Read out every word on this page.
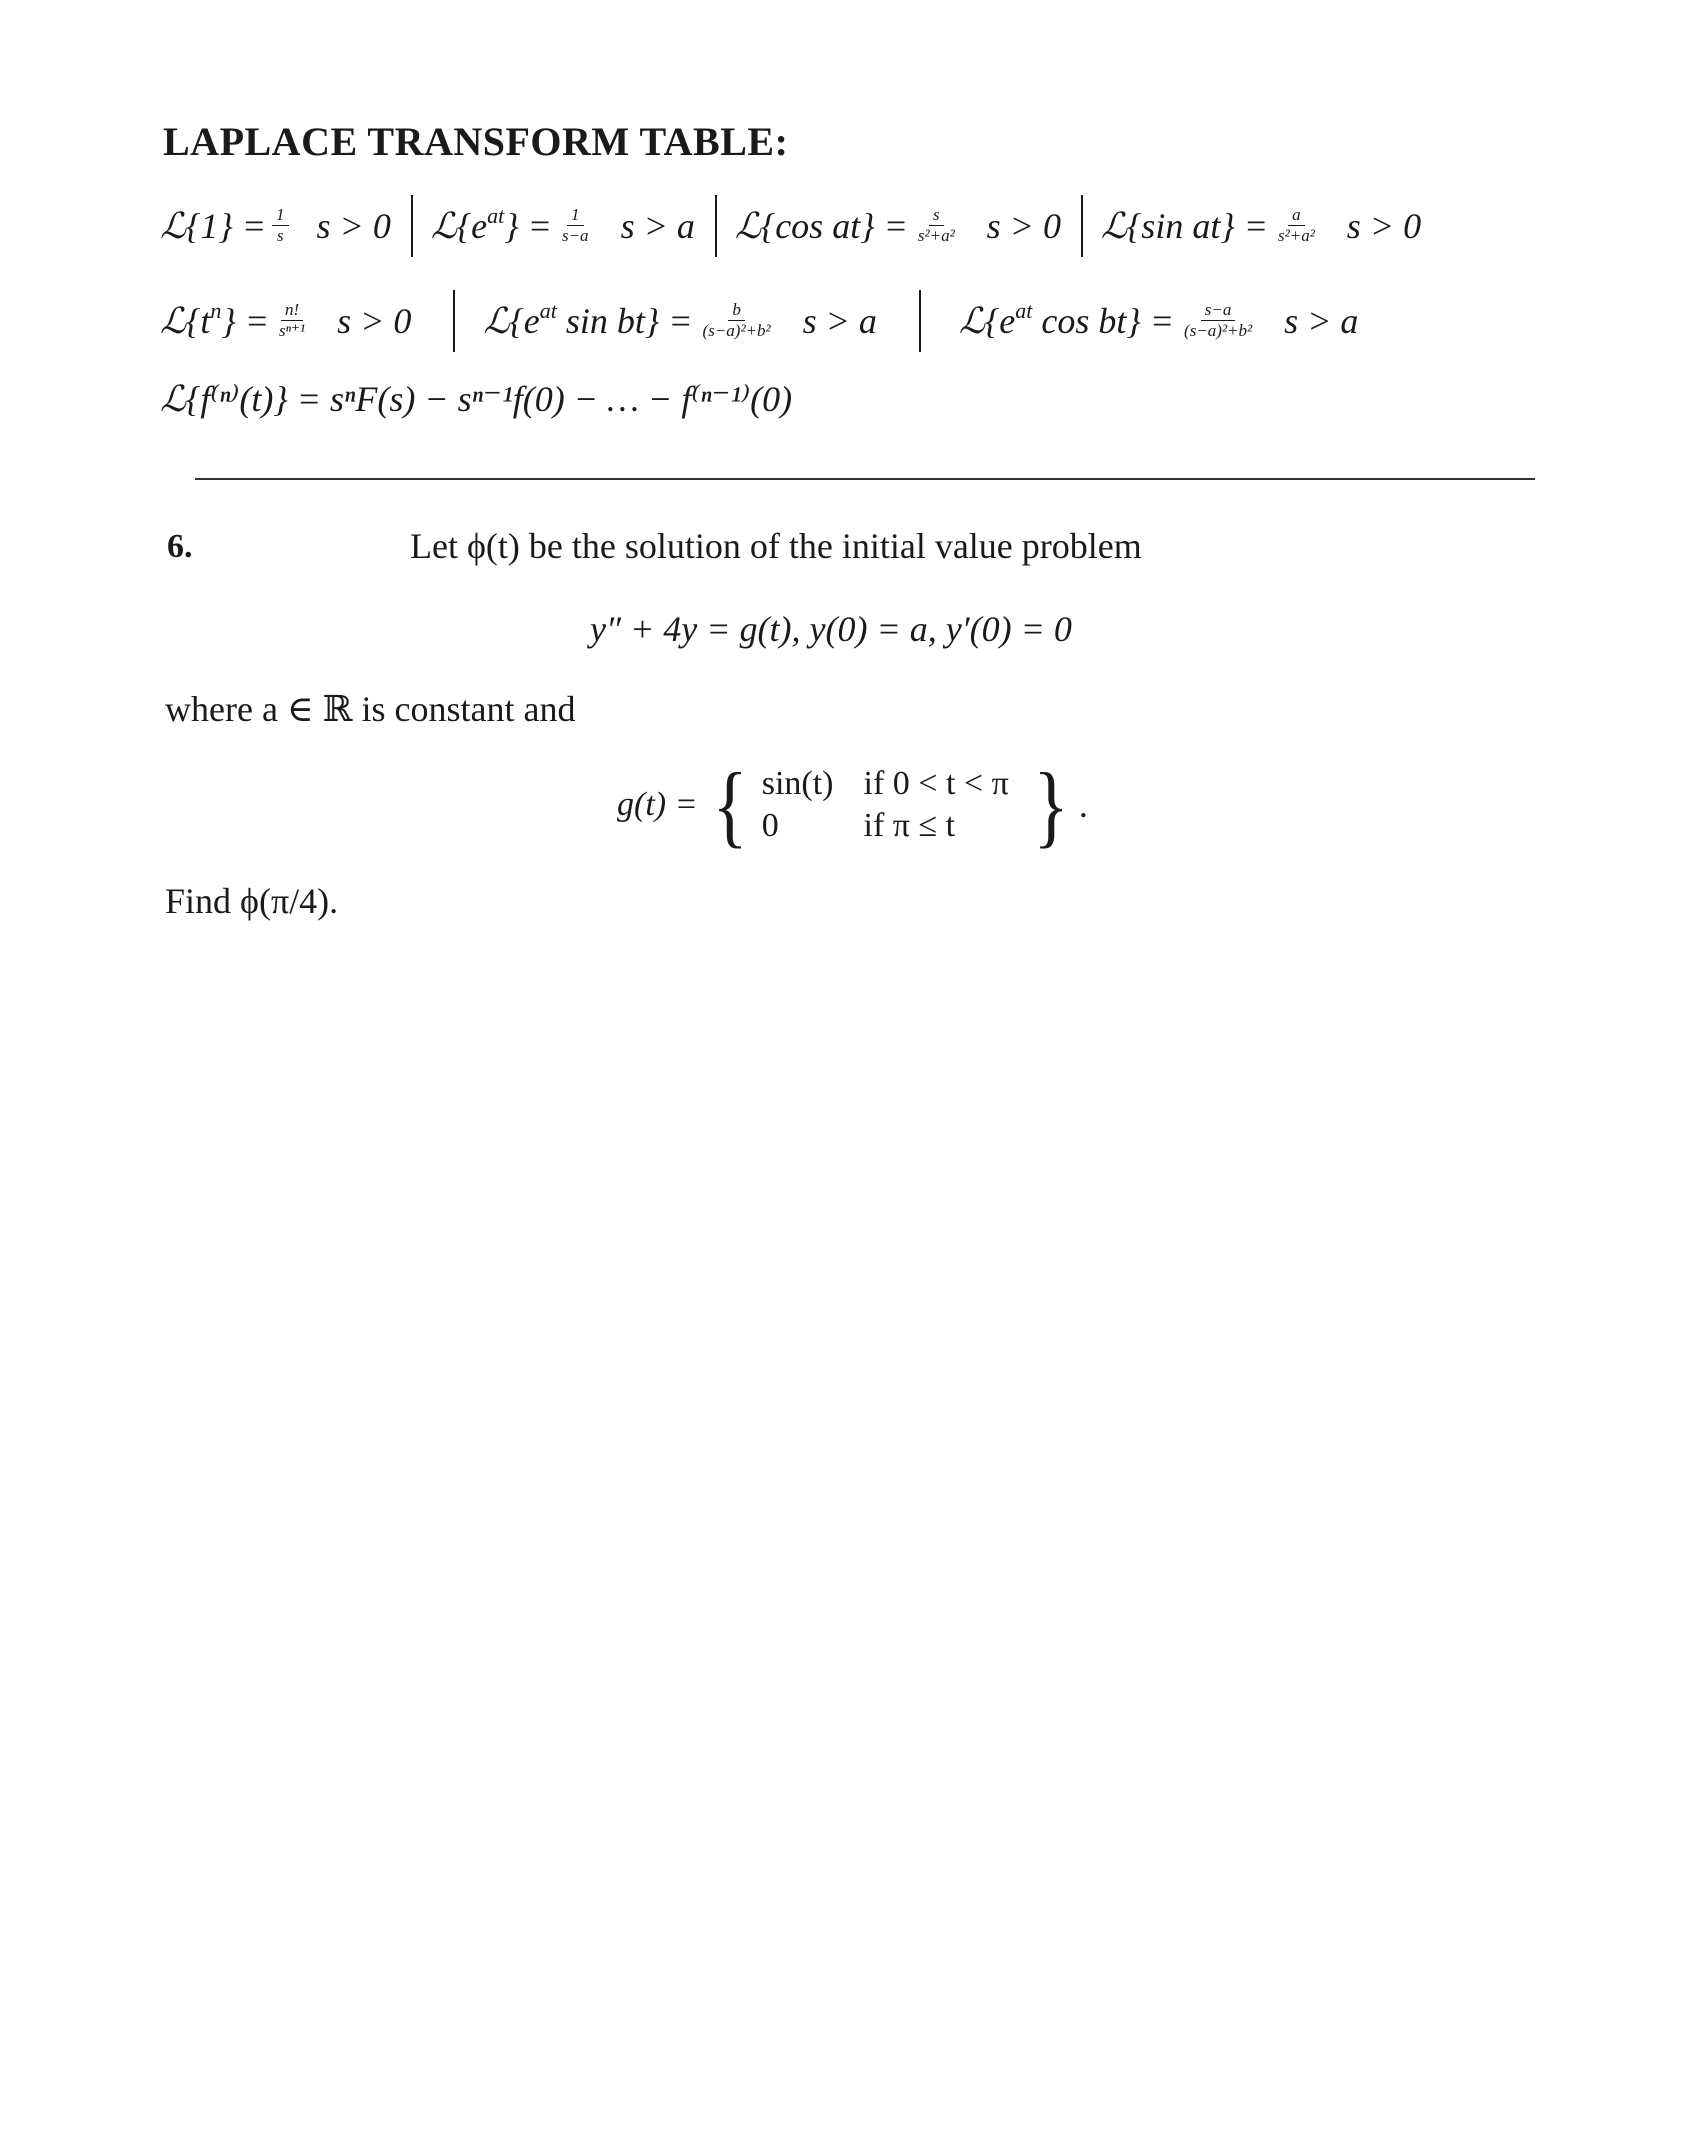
LAPLACE TRANSFORM TABLE:
ℒ{1} = $\frac{1}{s}$ s > 0 $ℒ\{e^{at}\} = \frac{1}{s-a}$ s > a ℒ{cos $at\} = \frac{s}{\text{s²+a²}}$ s > 0 ℒ{sin $at\} = \frac{a}{\text{s²+a²}}$ s > 0
$ℒ\{t^n\} = \frac{n!}{\text{sⁿ⁺¹}}$ s > 0 $ℒ\{e^{at}$ $\sin bt\} = \frac{b}{\text{(s−a)²+b²}}$ s > a $ℒ\{e^{at}$ $\cos bt\} = \frac{s-a}{\text{(s−a)²+b²}}$ s > a
ℒ{f⁽ⁿ⁾(t)} = sⁿF(s) − sⁿ⁻¹f(0) − … − f⁽ⁿ⁻¹⁾(0)
6.	Let ϕ(t) be the solution of the initial value problem
y″ + 4y = g(t), y(0) = a, y′(0) = 0
where a ∈ ℝ is constant and
g(t) = { sin(t) if 0 < t < π
0	if π ≤ t } .
Find ϕ(π/4).
